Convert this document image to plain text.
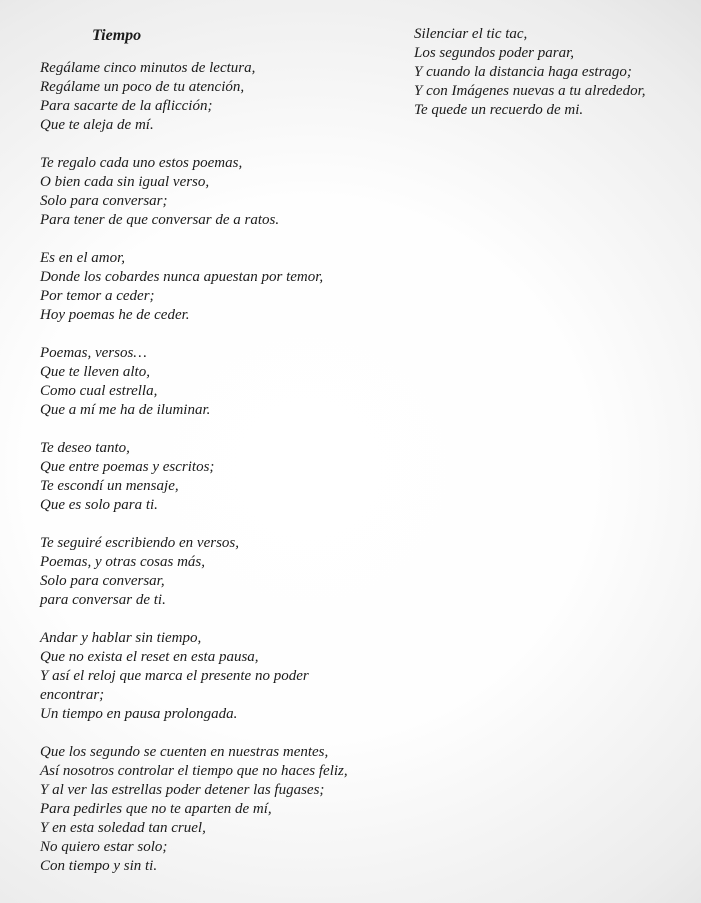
Tiempo

Regálame cinco minutos de lectura,

Regálame un poco de tu atención,

Para sacarte de la aflicción;

Que te aleja de mí.

Te regalo cada uno estos poemas,

O bien cada sin igual verso,

Solo para conversar;

Para tener de que conversar de a ratos.

Es en el amor,

Donde los cobardes nunca apuestan por temor,

Por temor a ceder;

Hoy poemas he de ceder.

Poemas, versos…

Que te lleven alto,

Como cual estrella,

Que a mí me ha de iluminar.

Te deseo tanto,

Que entre poemas y escritos;

Te escondí un mensaje,

Que es solo para ti.

Te seguiré escribiendo en versos,

Poemas, y otras cosas más,

Solo para conversar,

para conversar de ti.

Andar y hablar sin tiempo,

Que no exista el reset en esta pausa,

Y así el reloj que marca el presente no poder

encontrar;

Un tiempo en pausa prolongada.

Que los segundo se cuenten en nuestras mentes,

Así nosotros controlar el tiempo que no haces feliz,

Y al ver las estrellas poder detener las fugases;

Para pedirles que no te aparten de mí,

Y en esta soledad tan cruel,

No quiero estar solo;

Con tiempo y sin ti.

Silenciar el tic tac,

Los segundos poder parar,

Y cuando la distancia haga estrago;

Y con Imágenes nuevas a tu alrededor,

Te quede un recuerdo de mi.
